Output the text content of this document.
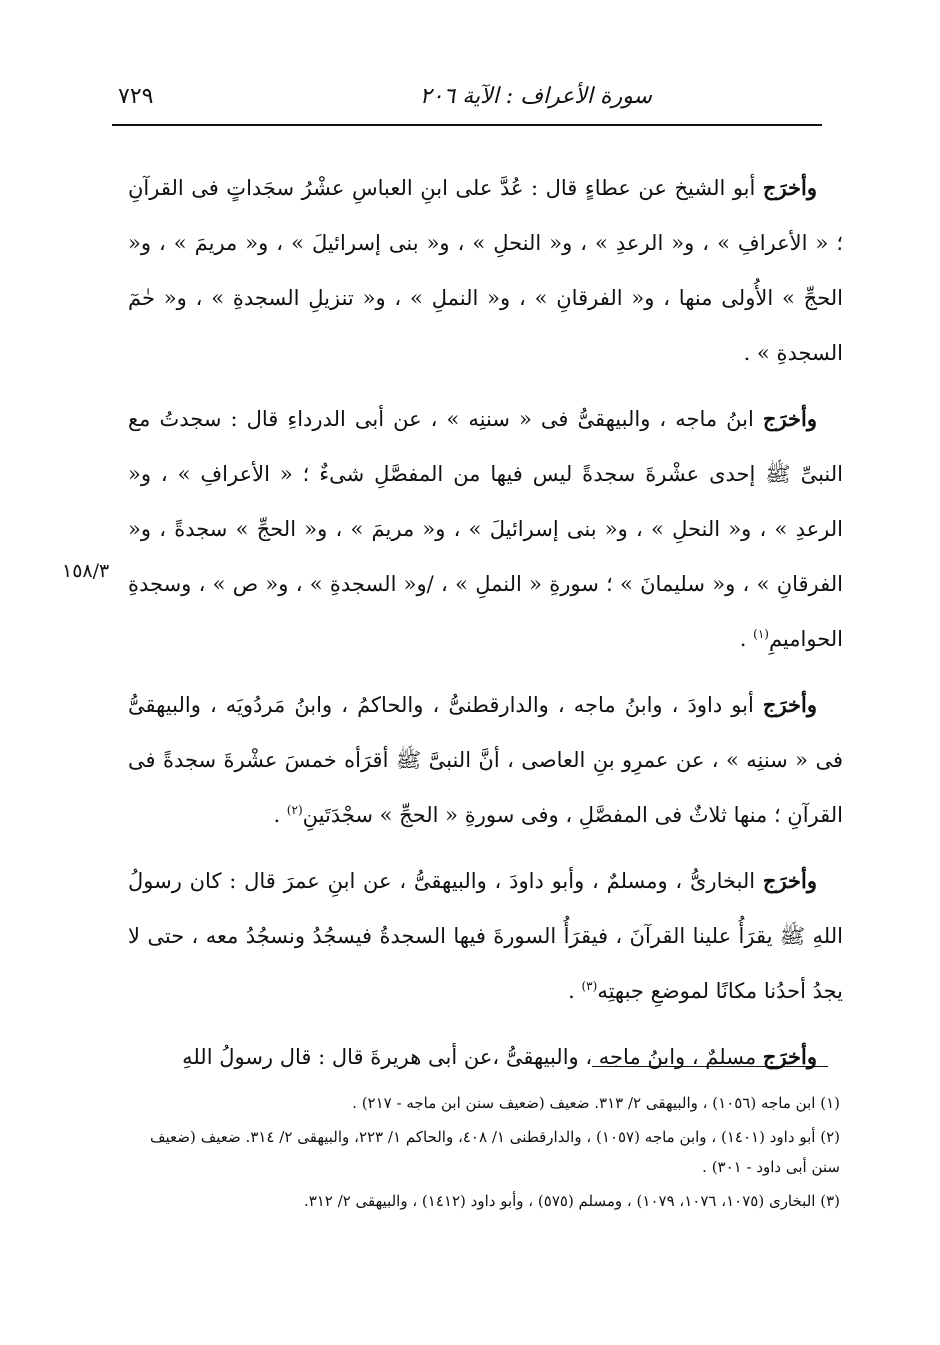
سورة الأعراف : الآية ٢٠٦
٧٢٩

وأخرَج أبو الشيخ عن عطاءٍ قال : عُدَّ على ابنِ العباسِ عشْرُ سجَداتٍ فى القرآنِ ؛ « الأعرافِ » ، و« الرعدِ » ، و« النحلِ » ، و« بنى إسرائيلَ » ، و« مريمَ » ، و« الحجِّ » الأُولى منها ، و« الفرقانِ » ، و« النملِ » ، و« تنزيلِ السجدةِ » ، و« حٰمٓ السجدةِ » .

وأخرَج ابنُ ماجه ، والبيهقىُّ فى « سننِه » ، عن أبى الدرداءِ قال : سجدتُ مع النبىِّ ﷺ إحدى عشْرةَ سجدةً ليس فيها من المفصَّلِ شىءٌ ؛ « الأعرافِ » ، و« الرعدِ » ، و« النحلِ » ، و« بنى إسرائيلَ » ، و« مريمَ » ، و« الحجِّ » سجدةً ، و« الفرقانِ » ، و« سليمانَ » ؛ سورةِ « النملِ » ، /و« السجدةِ » ، و« ص » ، وسجدةِ الحواميمِ$^{(١)}$ .

وأخرَج أبو داودَ ، وابنُ ماجه ، والدارقطنىُّ ، والحاكمُ ، وابنُ مَردُويَه ، والبيهقىُّ فى « سننِه » ، عن عمرِو بنِ العاصى ، أنَّ النبىَّ ﷺ أقرَأه خمسَ عشْرةَ سجدةً فى القرآنِ ؛ منها ثلاثٌ فى المفصَّلِ ، وفى سورةِ « الحجِّ » سجْدَتَينِ$^{(٢)}$ .

وأخرَج البخارىُّ ، ومسلمٌ ، وأبو داودَ ، والبيهقىُّ ، عن ابنِ عمرَ قال : كان رسولُ اللهِ ﷺ يقرَأُ علينا القرآنَ ، فيقرَأُ السورةَ فيها السجدةُ فيسجُدُ ونسجُدُ معه ، حتى لا يجدُ أحدُنا مكانًا لموضعِ جبهتِه$^{(٣)}$ .

وأخرَج مسلمٌ ، وابنُ ماجه ، والبيهقىُّ ،عن أبى هريرةَ قال : قال رسولُ اللهِ

١٥٨/٣

(١) ابن ماجه (١٠٥٦) ، والبيهقى ٢/ ٣١٣. ضعيف (ضعيف سنن ابن ماجه - ٢١٧) .

(٢) أبو داود (١٤٠١) ، وابن ماجه (١٠٥٧) ، والدارقطنى ١/ ٤٠٨، والحاكم ١/ ٢٢٣، والبيهقى ٢/ ٣١٤. ضعيف (ضعيف سنن أبى داود - ٣٠١) .

(٣) البخارى (١٠٧٥، ١٠٧٦، ١٠٧٩) ، ومسلم (٥٧٥) ، وأبو داود (١٤١٢) ، والبيهقى ٢/ ٣١٢.
